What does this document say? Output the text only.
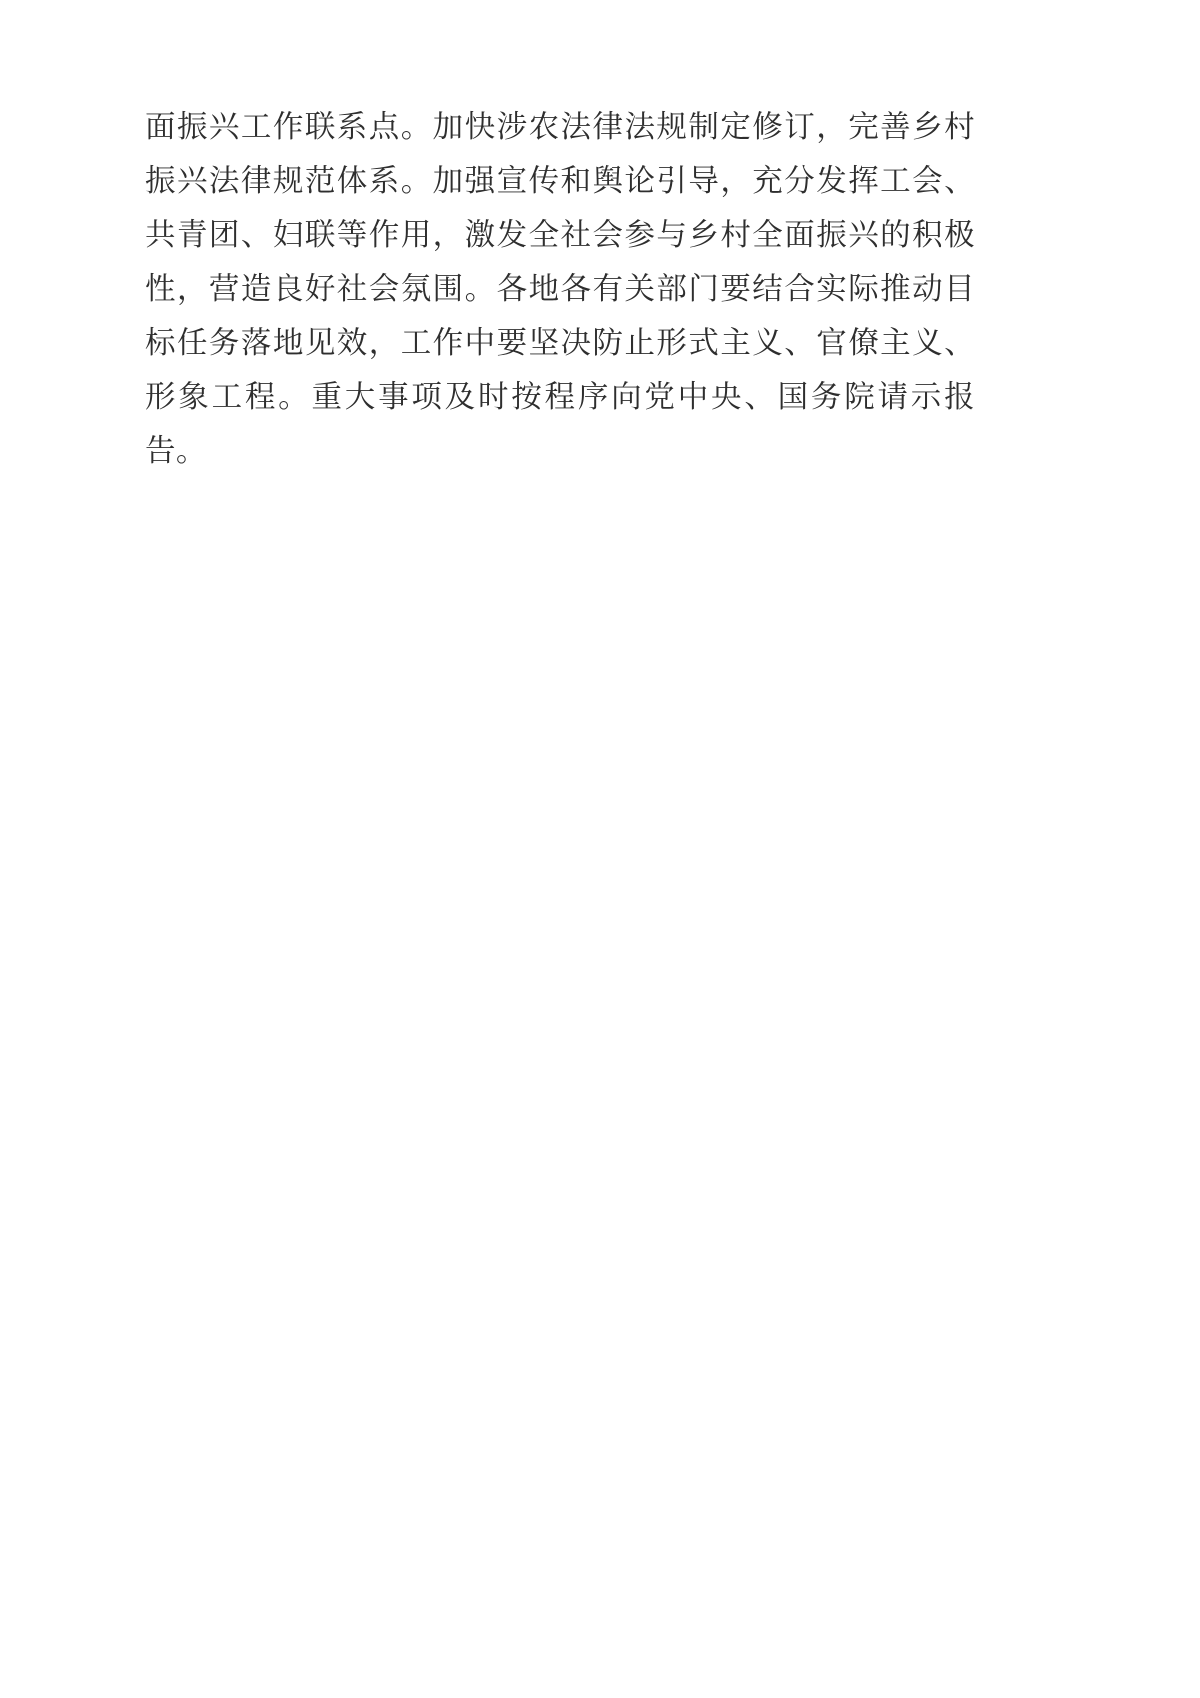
面振兴工作联系点。加快涉农法律法规制定修订，完善乡村振兴法律规范体系。加强宣传和舆论引导，充分发挥工会、共青团、妇联等作用，激发全社会参与乡村全面振兴的积极性，营造良好社会氛围。各地各有关部门要结合实际推动目标任务落地见效，工作中要坚决防止形式主义、官僚主义、形象工程。重大事项及时按程序向党中央、国务院请示报告。
